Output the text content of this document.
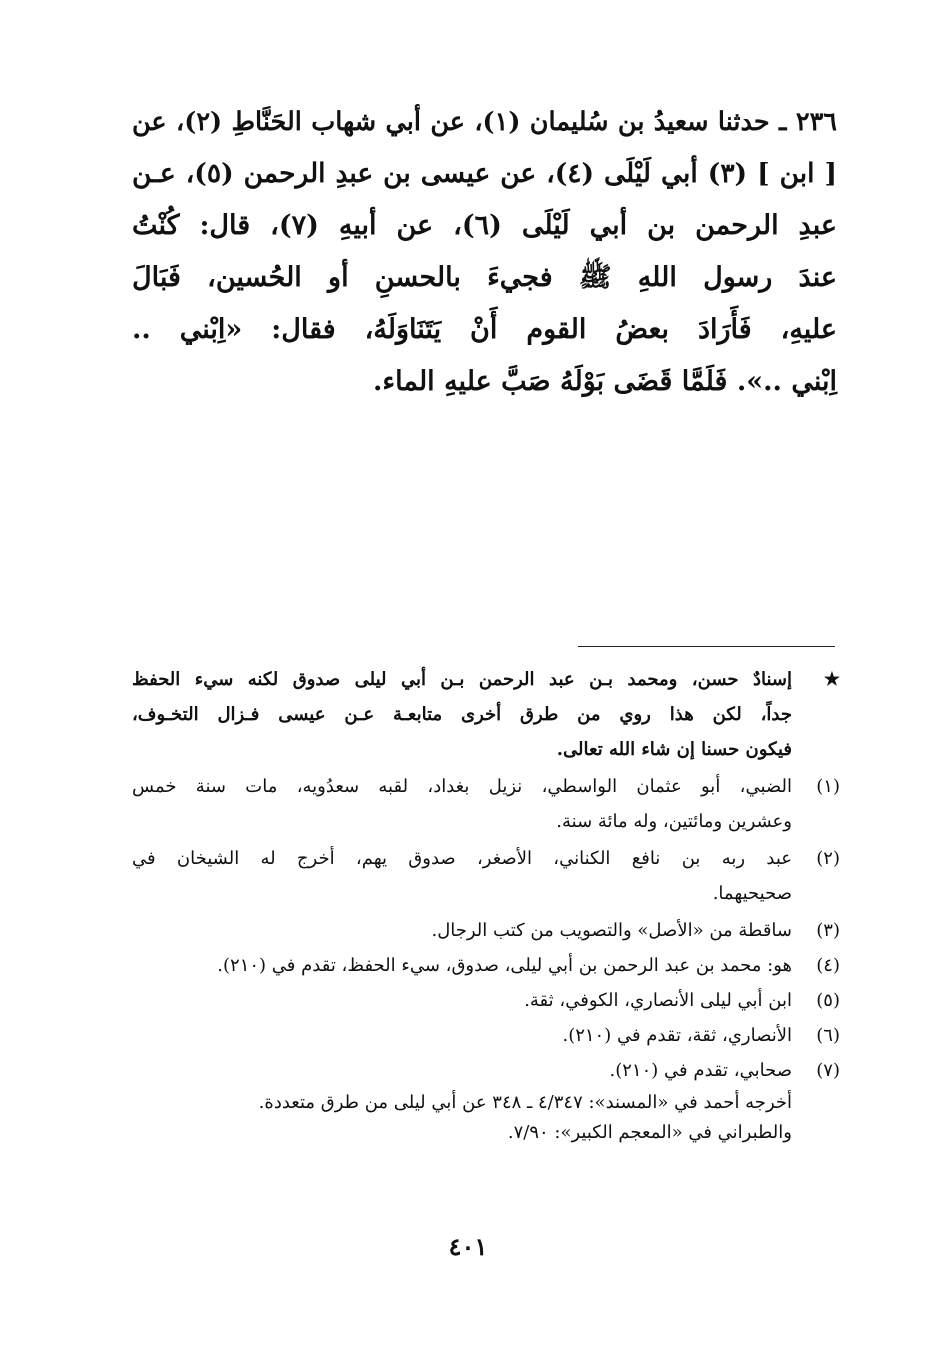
٢٣٦ ـ حدثنا سعيدُ بن سُليمان (١)، عن أبي شهاب الحَنَّاطِ (٢)، عن
[ ابن ] (٣) أبي لَيْلَى (٤)، عن عيسى بن عبدِ الرحمن (٥)، عـن
عبدِ الرحمن بن أبي لَيْلَى (٦)، عن أبيهِ (٧)، قال: كُنْتُ
عندَ رسول اللهِ ﷺ فجيءَ بالحسنِ أو الحُسين، فَبَالَ
عليهِ، فَأَرَادَ بعضُ القوم أَنْ يَتَنَاوَلَهُ، فقال: «اِبْني ..
اِبْني ..». فَلَمَّا قَضَى بَوْلَهُ صَبَّ عليهِ الماء.
★
إسنادٌ حسن، ومحمد بـن عبد الرحمن بـن أبي ليلى صدوق لكنه سيء الحفظ
جداً، لكن هذا روي من طرق أخرى متابعـة عـن عيسى فـزال التخـوف،
فيكون حسنا إن شاء الله تعالى.
(١)
الضبي، أبو عثمان الواسطي، نزيل بغداد، لقبه سعدُويه، مات سنة خمس
وعشرين ومائتين، وله مائة سنة.
(٢)
عبد ربه بن نافع الكناني، الأصغر، صدوق يهم، أخرج له الشيخان في
صحيحيهما.
(٣)
ساقطة من «الأصل» والتصويب من كتب الرجال.
(٤)
هو: محمد بن عبد الرحمن بن أبي ليلى، صدوق، سيء الحفظ، تقدم في (٢١٠).
(٥)
ابن أبي ليلى الأنصاري، الكوفي، ثقة.
(٦)
الأنصاري، ثقة، تقدم في (٢١٠).
(٧)
صحابي، تقدم في (٢١٠).
أخرجه أحمد في «المسند»: ٤/٣٤٧ ـ ٣٤٨ عن أبي ليلى من طرق متعددة.
والطبراني في «المعجم الكبير»: ٧/٩٠.
٤٠١
